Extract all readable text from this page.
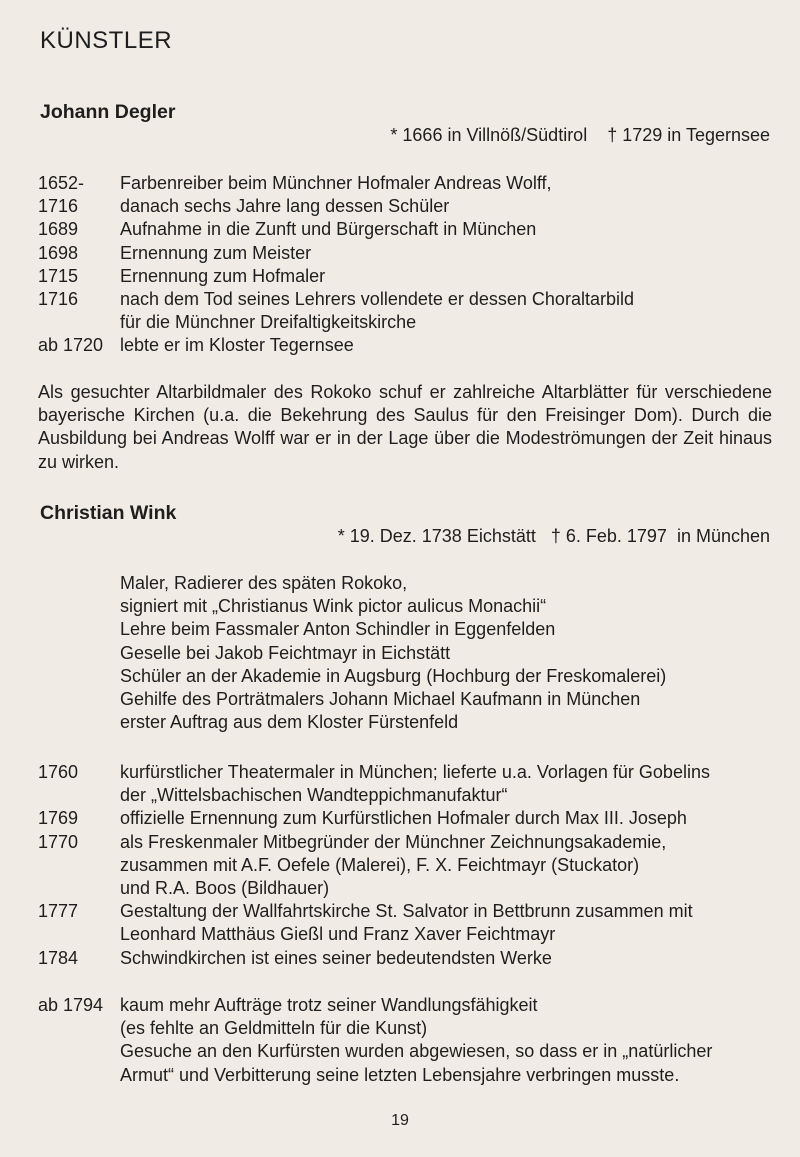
KÜNSTLER
Johann Degler
* 1666 in Villnöß/Südtirol    † 1729 in Tegernsee
1652-	Farbenreiber beim Münchner Hofmaler Andreas Wolff,
1716	danach sechs Jahre lang dessen Schüler
1689	Aufnahme in die Zunft und Bürgerschaft in München
1698	Ernennung zum Meister
1715	Ernennung zum Hofmaler
1716	nach dem Tod seines Lehrers vollendete er dessen Choraltarbild
für die Münchner Dreifaltigkeitskirche
ab 1720 lebte er im Kloster Tegernsee
Als gesuchter Altarbildmaler des Rokoko schuf er zahlreiche Altarblätter für verschiedene bayerische Kirchen (u.a. die Bekehrung des Saulus für den Freisinger Dom). Durch die Ausbildung bei Andreas Wolff war er in der Lage über die Modeströmungen der Zeit hinaus zu wirken.
Christian Wink
* 19. Dez. 1738 Eichstätt   † 6. Feb. 1797  in München
Maler, Radierer des späten Rokoko,
signiert mit „Christianus Wink pictor aulicus Monachii“
Lehre beim Fassmaler Anton Schindler in Eggenfelden
Geselle bei Jakob Feichtmayr in Eichstätt
Schüler an der Akademie in Augsburg (Hochburg der Freskomalerei)
Gehilfe des Porträtmalers Johann Michael Kaufmann in München
erster Auftrag aus dem Kloster Fürstenfeld
1760	kurfürstlicher Theatermaler in München; lieferte u.a. Vorlagen für Gobelins
der „Wittelsbachischen Wandteppichmanufaktur“
1769	offizielle Ernennung zum Kurfürstlichen Hofmaler durch Max III. Joseph
1770	als Freskenmaler Mitbegründer der Münchner Zeichnungsakademie,
zusammen mit A.F. Oefele (Malerei), F. X. Feichtmayr (Stuckator)
und R.A. Boos (Bildhauer)
1777	Gestaltung der Wallfahrtskirche St. Salvator in Bettbrunn zusammen mit
Leonhard Matthäus Gießl und Franz Xaver Feichtmayr
1784	Schwindkirchen ist eines seiner bedeutendsten Werke
ab 1794 kaum mehr Aufträge trotz seiner Wandlungsfähigkeit
(es fehlte an Geldmitteln für die Kunst)
Gesuche an den Kurfürsten wurden abgewiesen, so dass er in „natürlicher
Armut“ und Verbitterung seine letzten Lebensjahre verbringen musste.
19
